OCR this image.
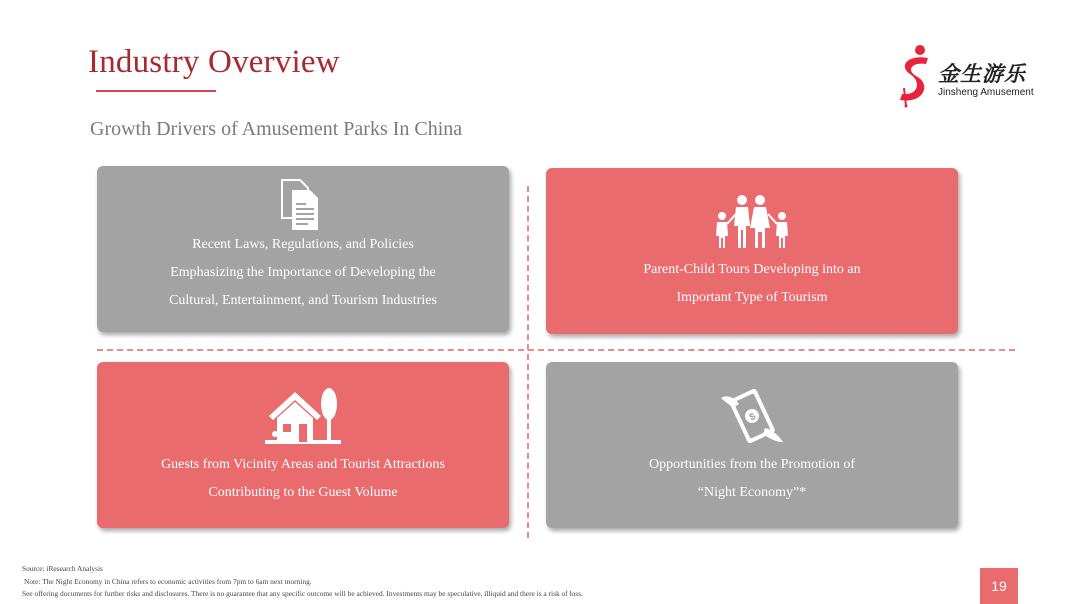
Industry Overview
Growth Drivers of Amusement Parks In China
金生游乐
Jinsheng Amusement
Recent Laws, Regulations, and Policies
Emphasizing the Importance of Developing the
Cultural, Entertainment, and Tourism Industries
Parent-Child Tours Developing into an
Important Type of Tourism
Guests from Vicinity Areas and Tourist Attractions
Contributing to the Guest Volume
$
Opportunities from the Promotion of
“Night Economy”*
Source: iResearch Analysis
Note: The Night Economy in China refers to economic activities from 7pm to 6am next morning.
See offering documents for further risks and disclosures. There is no guarantee that any specific outcome will be achieved. Investments may be speculative, illiquid and there is a risk of loss.	19
